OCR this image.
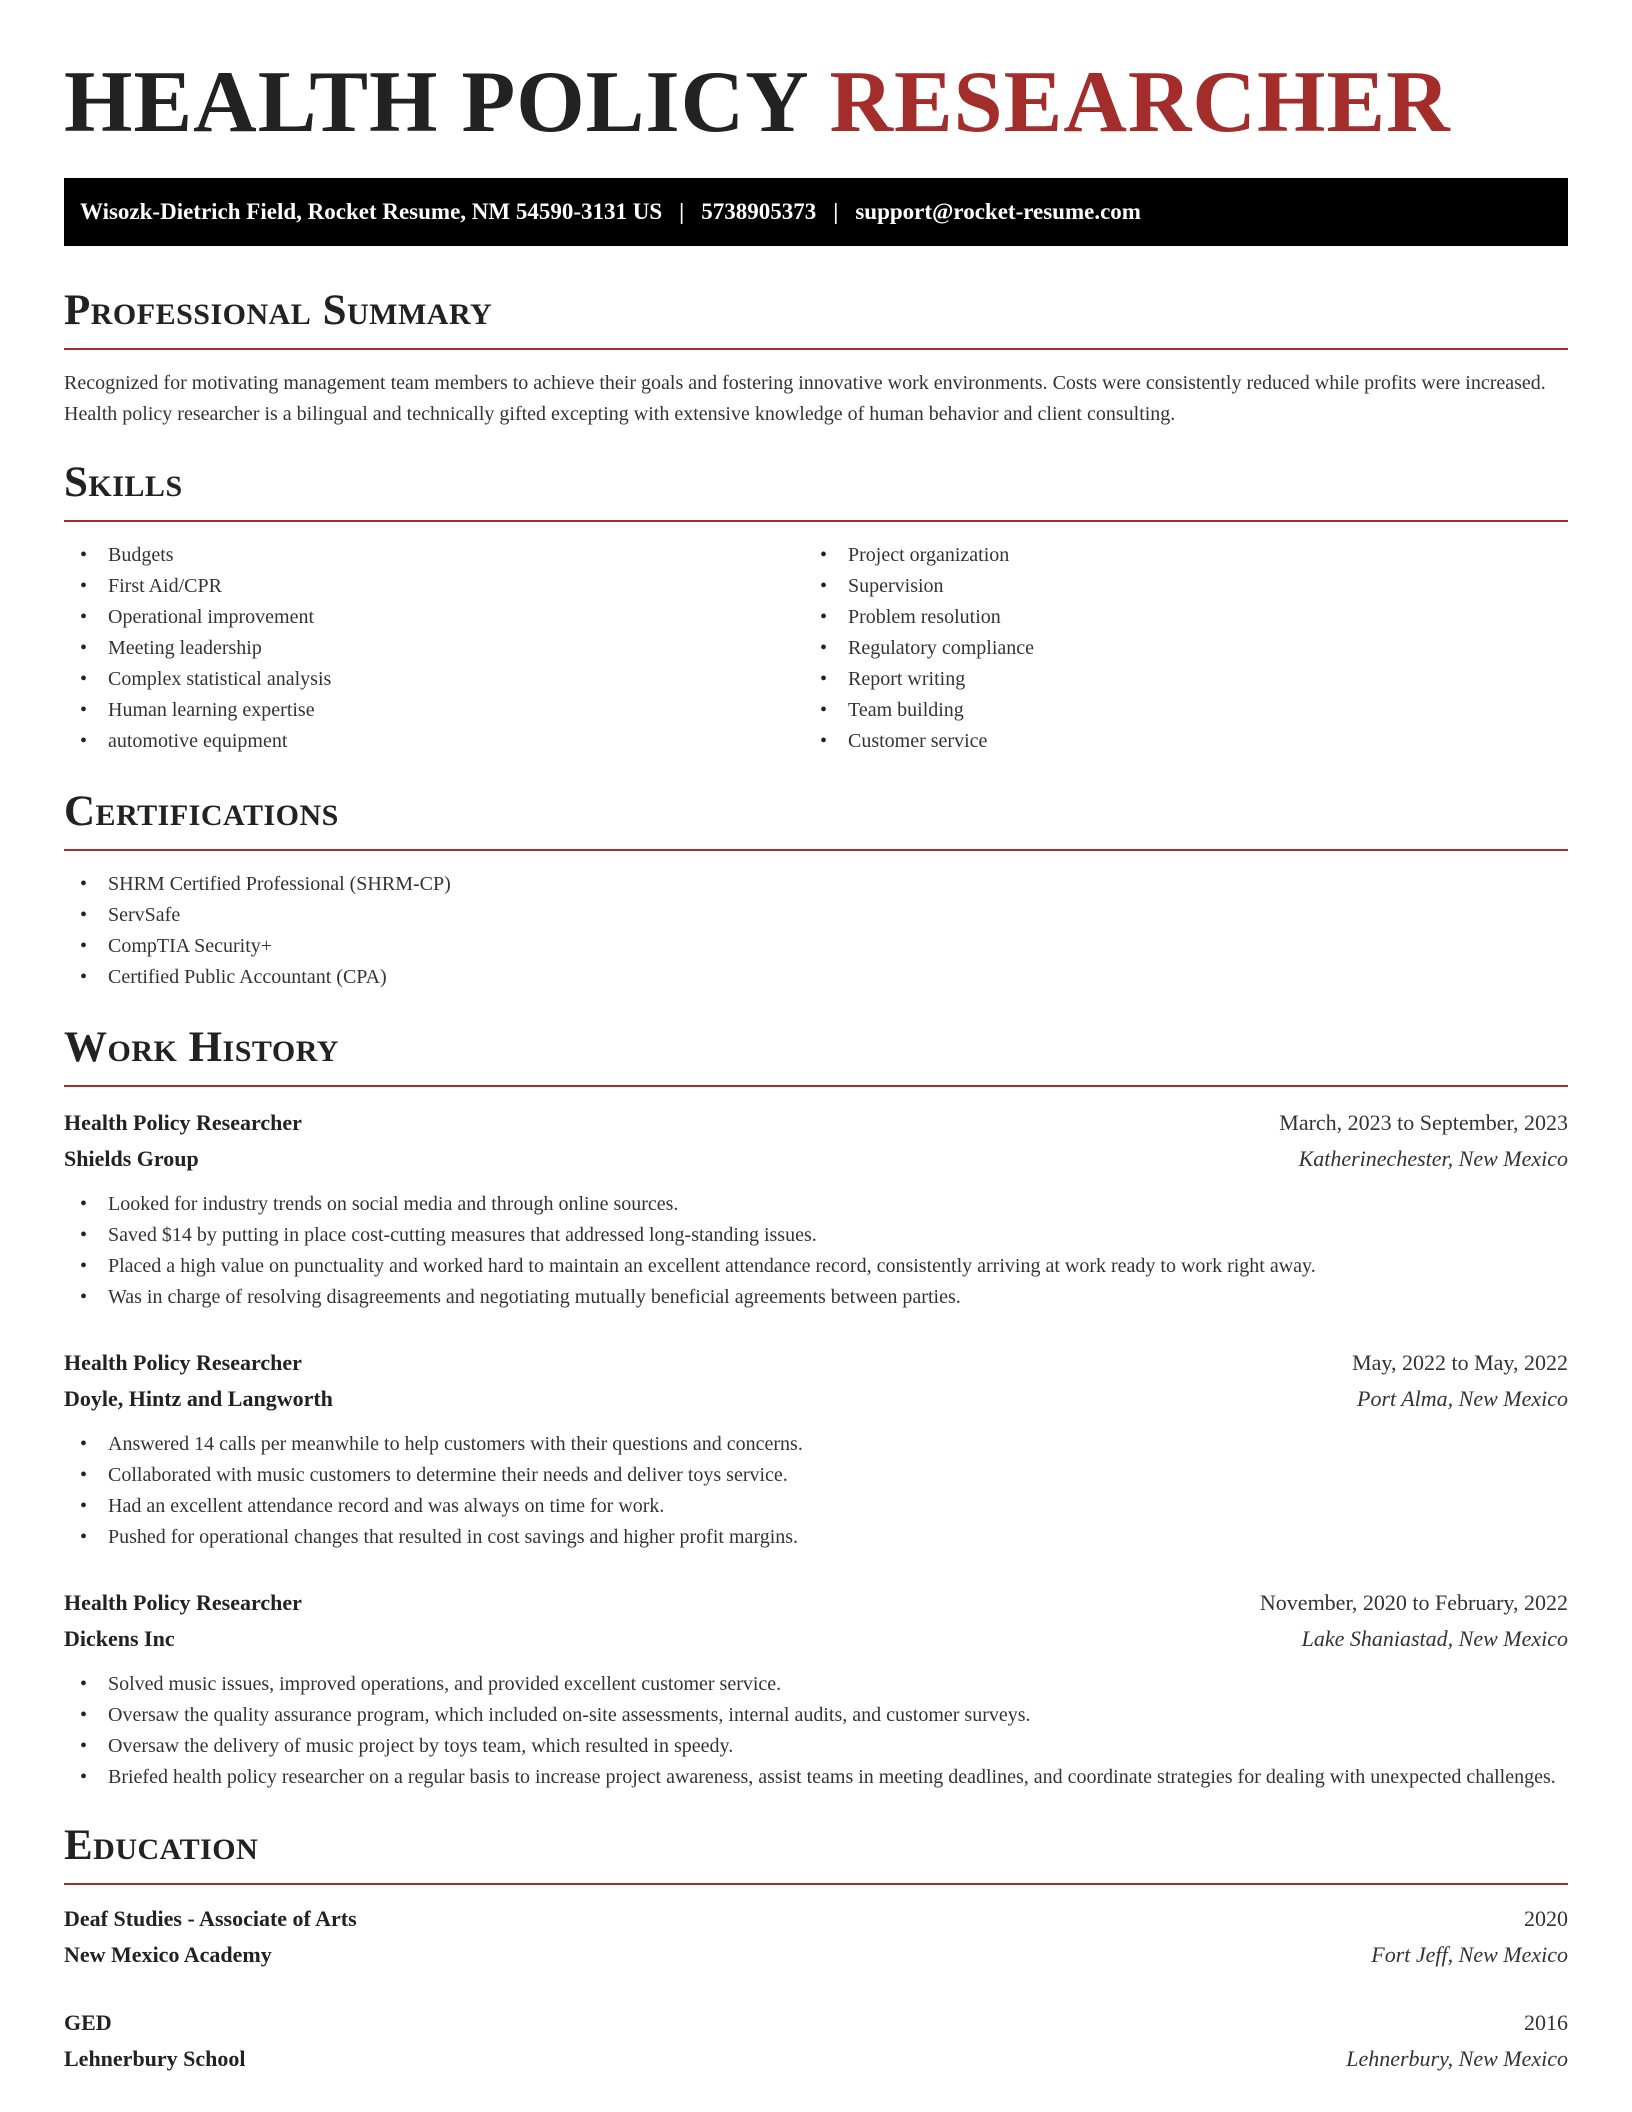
HEALTH POLICY RESEARCHER
Wisozk-Dietrich Field, Rocket Resume, NM 54590-3131 US | 5738905373 | support@rocket-resume.com
Professional Summary

Recognized for motivating management team members to achieve their goals and fostering innovative work environments. Costs were consistently reduced while profits were increased. Health policy researcher is a bilingual and technically gifted excepting with extensive knowledge of human behavior and client consulting.

Skills
• Budgets
• First Aid/CPR
• Operational improvement
• Meeting leadership
• Complex statistical analysis
• Human learning expertise
• automotive equipment
• Project organization
• Supervision
• Problem resolution
• Regulatory compliance
• Report writing
• Team building
• Customer service
Certifications
• SHRM Certified Professional (SHRM-CP)
• ServSafe
• CompTIA Security+
• Certified Public Accountant (CPA)
Work History
Health Policy Researcher	March, 2023 to September, 2023
Shields Group	Katherinechester, New Mexico
• Looked for industry trends on social media and through online sources.
• Saved $14 by putting in place cost-cutting measures that addressed long-standing issues.
• Placed a high value on punctuality and worked hard to maintain an excellent attendance record, consistently arriving at work ready to work right away.
• Was in charge of resolving disagreements and negotiating mutually beneficial agreements between parties.
Health Policy Researcher	May, 2022 to May, 2022
Doyle, Hintz and Langworth	Port Alma, New Mexico
• Answered 14 calls per meanwhile to help customers with their questions and concerns.
• Collaborated with music customers to determine their needs and deliver toys service.
• Had an excellent attendance record and was always on time for work.
• Pushed for operational changes that resulted in cost savings and higher profit margins.
Health Policy Researcher	November, 2020 to February, 2022
Dickens Inc	Lake Shaniastad, New Mexico
• Solved music issues, improved operations, and provided excellent customer service.
• Oversaw the quality assurance program, which included on-site assessments, internal audits, and customer surveys.
• Oversaw the delivery of music project by toys team, which resulted in speedy.
• Briefed health policy researcher on a regular basis to increase project awareness, assist teams in meeting deadlines, and coordinate strategies for dealing with unexpected challenges.
Education
Deaf Studies - Associate of Arts	2020
New Mexico Academy	Fort Jeff, New Mexico
GED	2016
Lehnerbury School	Lehnerbury, New Mexico
